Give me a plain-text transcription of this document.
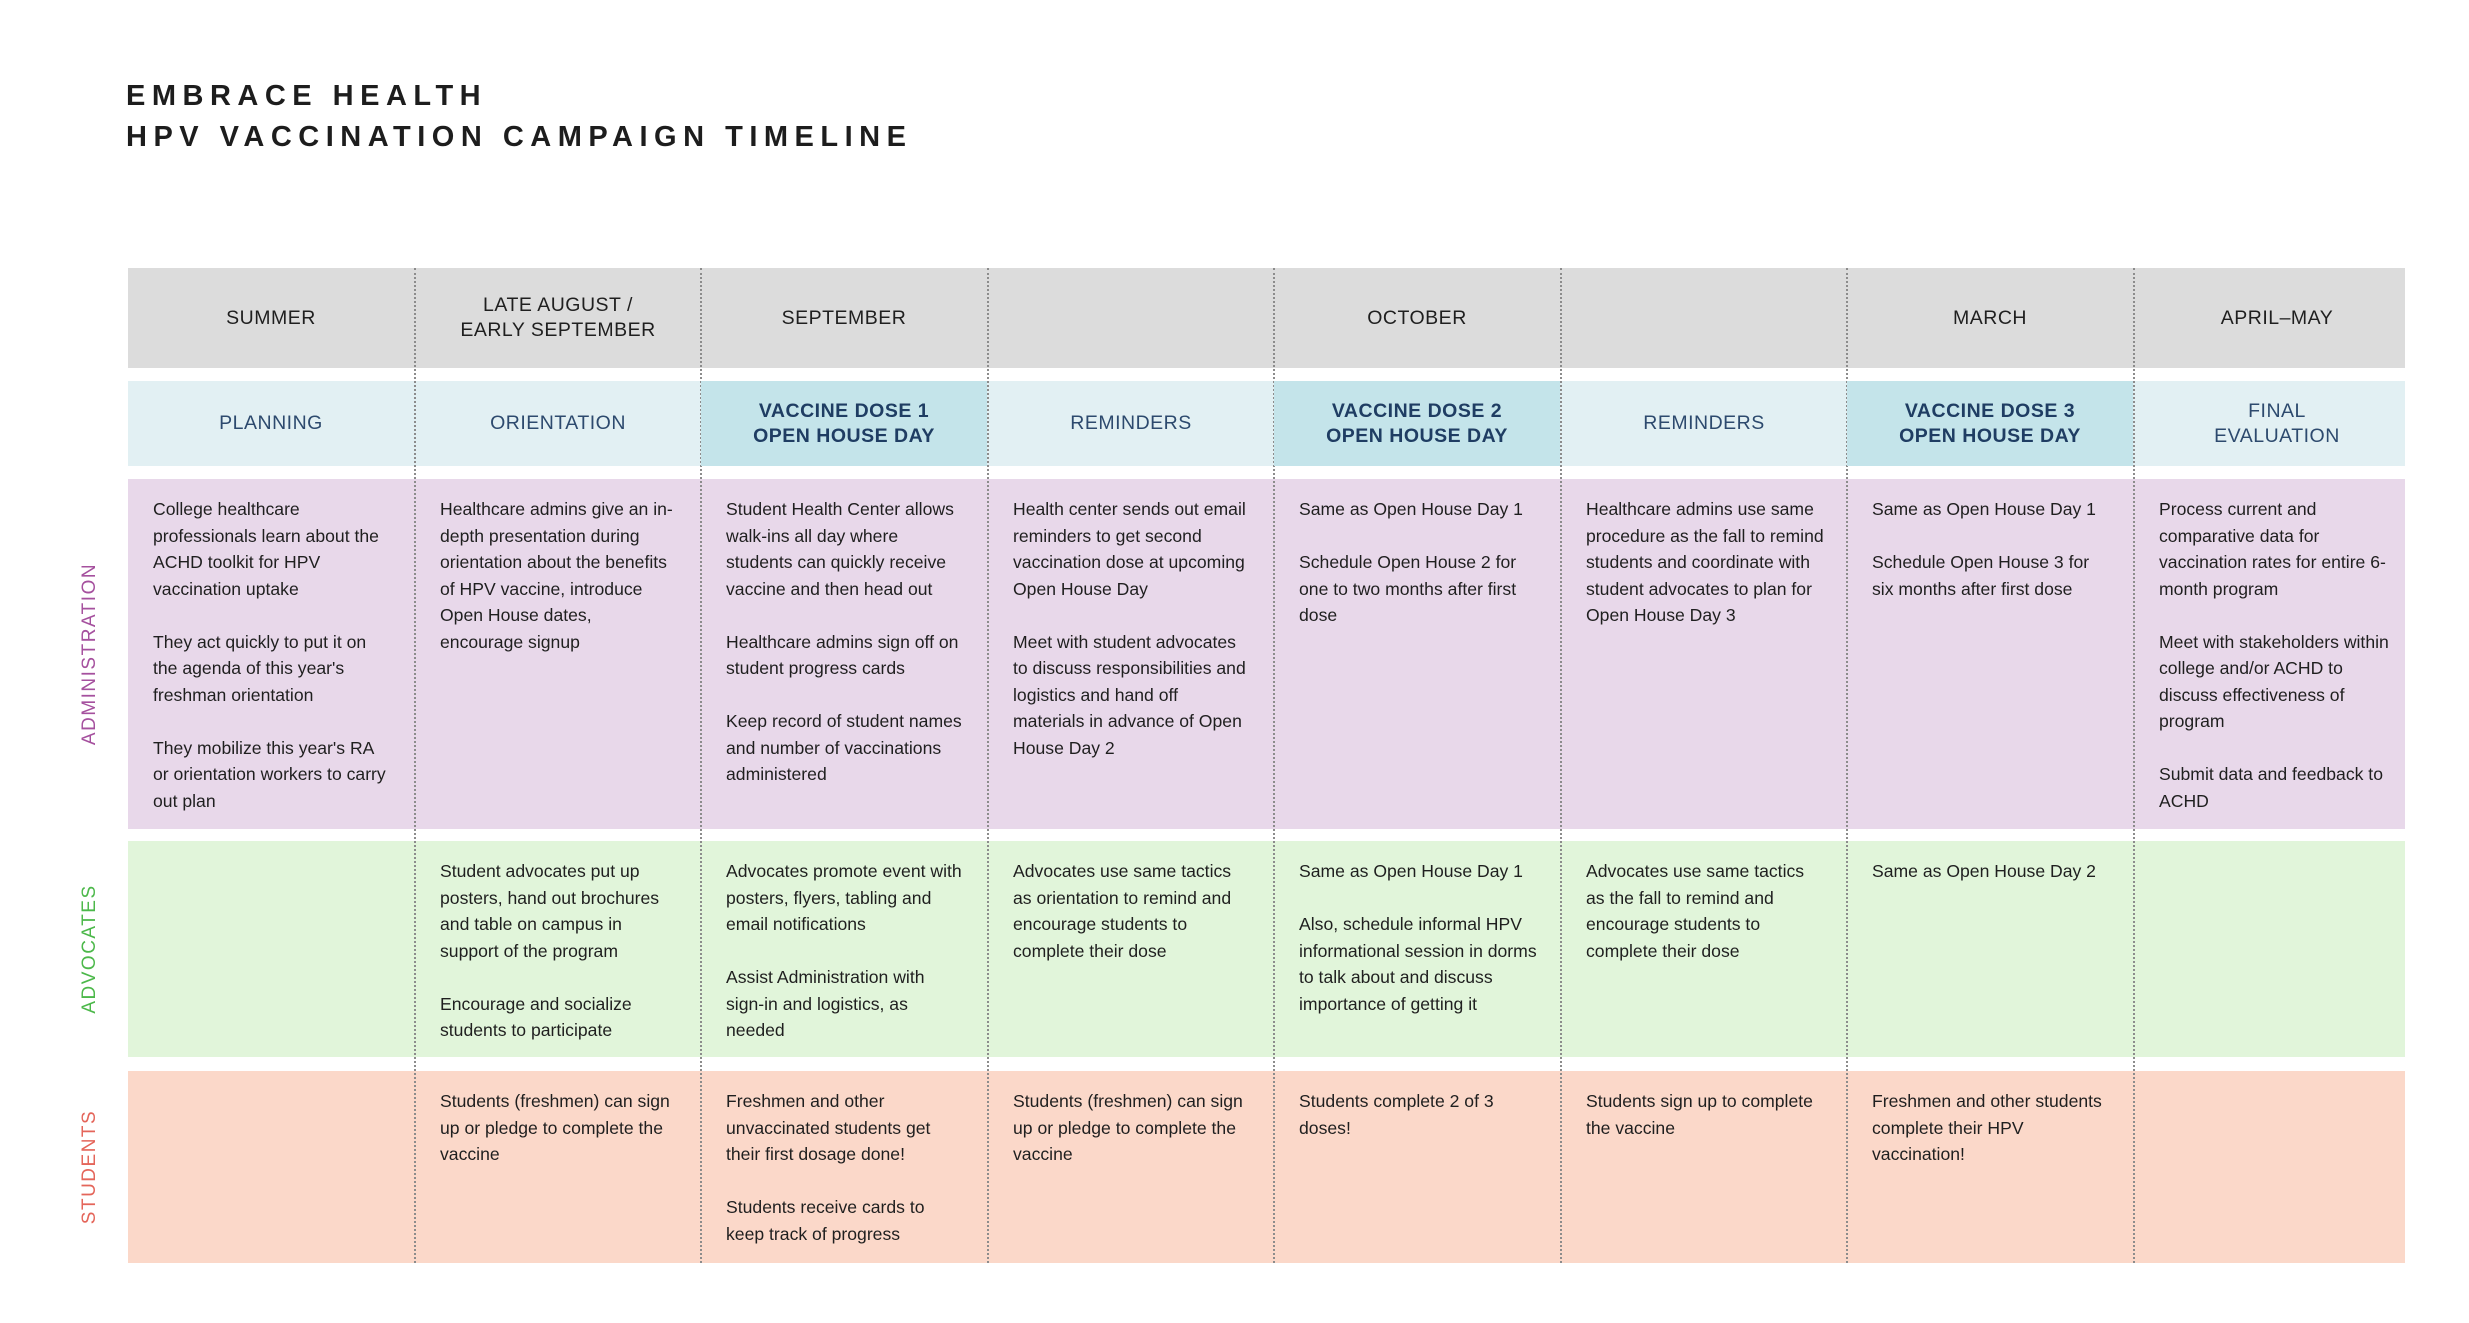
EMBRACE HEALTH
HPV VACCINATION CAMPAIGN TIMELINE
ADMINISTRATION
ADVOCATES
STUDENTS
SUMMER
PLANNING

College healthcare professionals learn about the ACHD toolkit for HPV vaccination uptake

They act quickly to put it on the agenda of this year's freshman orientation

They mobilize this year's RA or orientation workers to carry out plan

LATE AUGUST /
EARLY SEPTEMBER
ORIENTATION

Healthcare admins give an in-depth presentation during orientation about the benefits of HPV vaccine, introduce Open House dates, encourage signup

Student advocates put up posters, hand out brochures and table on campus in support of the program

Encourage and socialize students to participate

Students (freshmen) can sign up or pledge to complete the vaccine

SEPTEMBER
VACCINE DOSE 1
OPEN HOUSE DAY

Student Health Center allows walk-ins all day where students can quickly receive vaccine and then head out

Healthcare admins sign off on student progress cards

Keep record of student names and number of vaccinations administered

Advocates promote event with posters, flyers, tabling and email notifications

Assist Administration with sign-in and logistics, as needed

Freshmen and other unvaccinated students get their first dosage done!

Students receive cards to keep track of progress

REMINDERS

Health center sends out email reminders to get second vaccination dose at upcoming Open House Day

Meet with student advocates to discuss responsibilities and logistics and hand off materials in advance of Open House Day 2

Advocates use same tactics as orientation to remind and encourage students to complete their dose

Students (freshmen) can sign up or pledge to complete the vaccine

OCTOBER
VACCINE DOSE 2
OPEN HOUSE DAY

Same as Open House Day 1

Schedule Open House 2 for one to two months after first dose

Same as Open House Day 1

Also, schedule informal HPV informational session in dorms to talk about and discuss importance of getting it

Students complete 2 of 3 doses!

REMINDERS

Healthcare admins use same procedure as the fall to remind students and coordinate with student advocates to plan for Open House Day 3

Advocates use same tactics as the fall to remind and encourage students to complete their dose

Students sign up to complete the vaccine

MARCH
VACCINE DOSE 3
OPEN HOUSE DAY

Same as Open House Day 1

Schedule Open House 3 for six months after first dose

Same as Open House Day 2

Freshmen and other students complete their HPV vaccination!

APRIL–MAY
FINAL
EVALUATION

Process current and comparative data for vaccination rates for entire 6-month program

Meet with stakeholders within college and/or ACHD to discuss effectiveness of program

Submit data and feedback to ACHD
